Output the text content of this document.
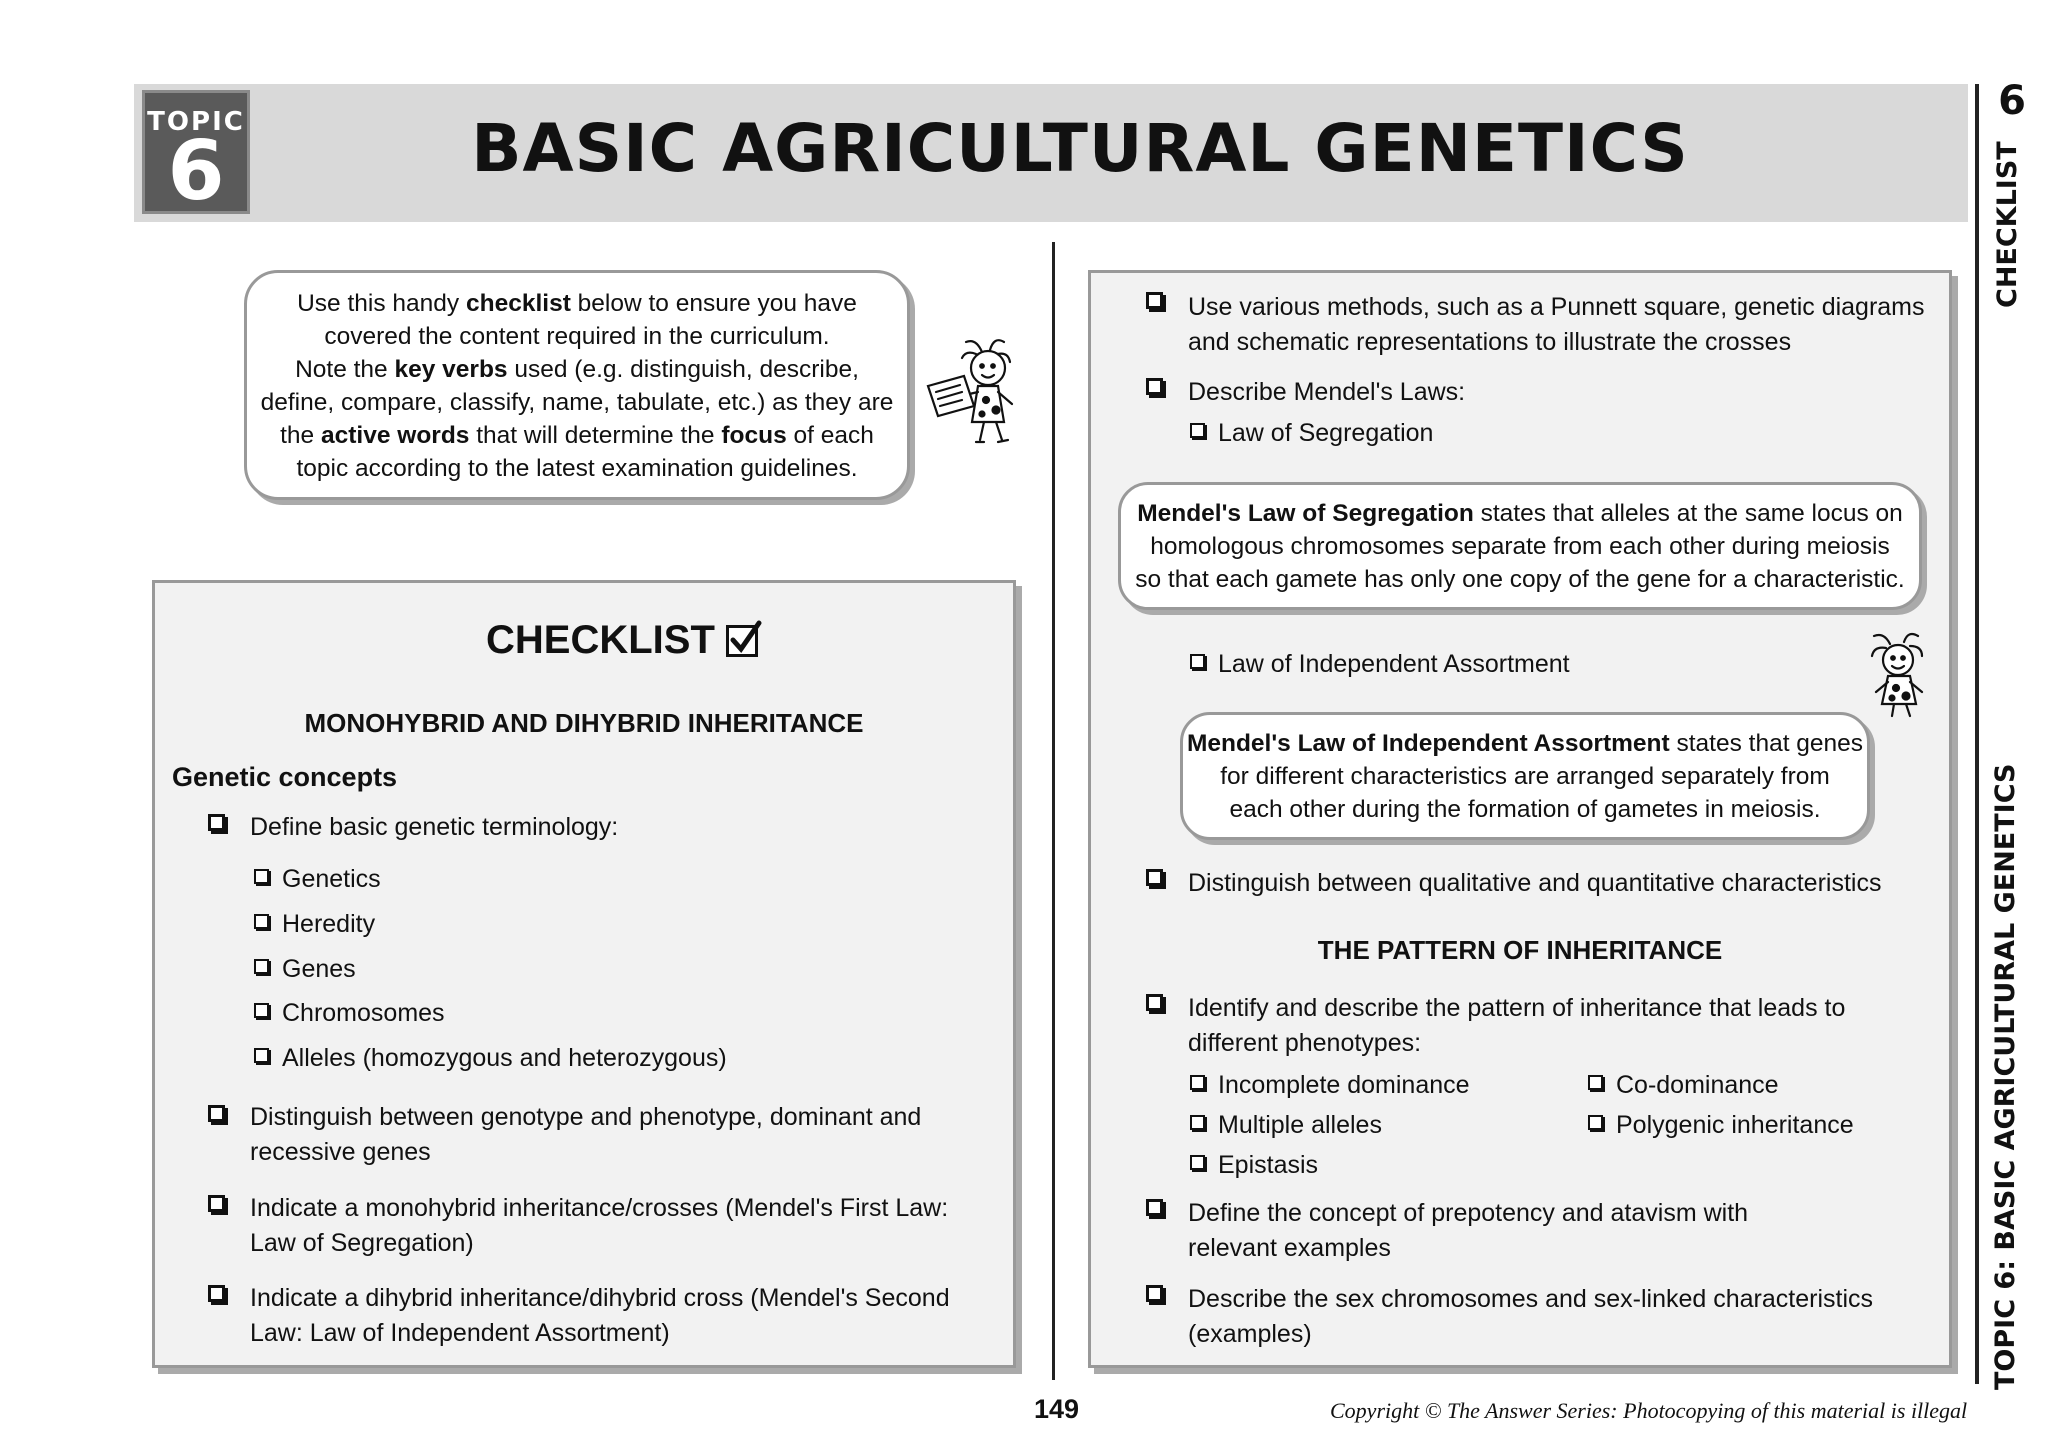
TOPIC
6	BASIC AGRICULTURAL GENETICS
6
CHECKLIST
TOPIC 6: BASIC AGRICULTURAL GENETICS
Use this handy checklist below to ensure you have
covered the content required in the curriculum.
Note the key verbs used (e.g. distinguish, describe,
define, compare, classify, name, tabulate, etc.) as they are
the active words that will determine the focus of each
topic according to the latest examination guidelines.
CHECKLIST
MONOHYBRID AND DIHYBRID INHERITANCE
Genetic concepts
Define basic genetic terminology:
Genetics
Heredity
Genes
Chromosomes
Alleles (homozygous and heterozygous)
Distinguish between genotype and phenotype, dominant and
recessive genes
Indicate a monohybrid inheritance/crosses (Mendel's First Law:
Law of Segregation)
Indicate a dihybrid inheritance/dihybrid cross (Mendel's Second
Law: Law of Independent Assortment)
Use various methods, such as a Punnett square, genetic diagrams
and schematic representations to illustrate the crosses
Describe Mendel's Laws:
Law of Segregation
Mendel's Law of Segregation states that alleles at the same locus on
homologous chromosomes separate from each other during meiosis
so that each gamete has only one copy of the gene for a characteristic.
Law of Independent Assortment
Mendel's Law of Independent Assortment states that genes
for different characteristics are arranged separately from
each other during the formation of gametes in meiosis.
Distinguish between qualitative and quantitative characteristics
THE PATTERN OF INHERITANCE
Identify and describe the pattern of inheritance that leads to
different phenotypes:
Incomplete dominance	Co-dominance
Multiple alleles	Polygenic inheritance
Epistasis
Define the concept of prepotency and atavism with
relevant examples
Describe the sex chromosomes and sex-linked characteristics
(examples)
149	Copyright © The Answer Series: Photocopying of this material is illegal
